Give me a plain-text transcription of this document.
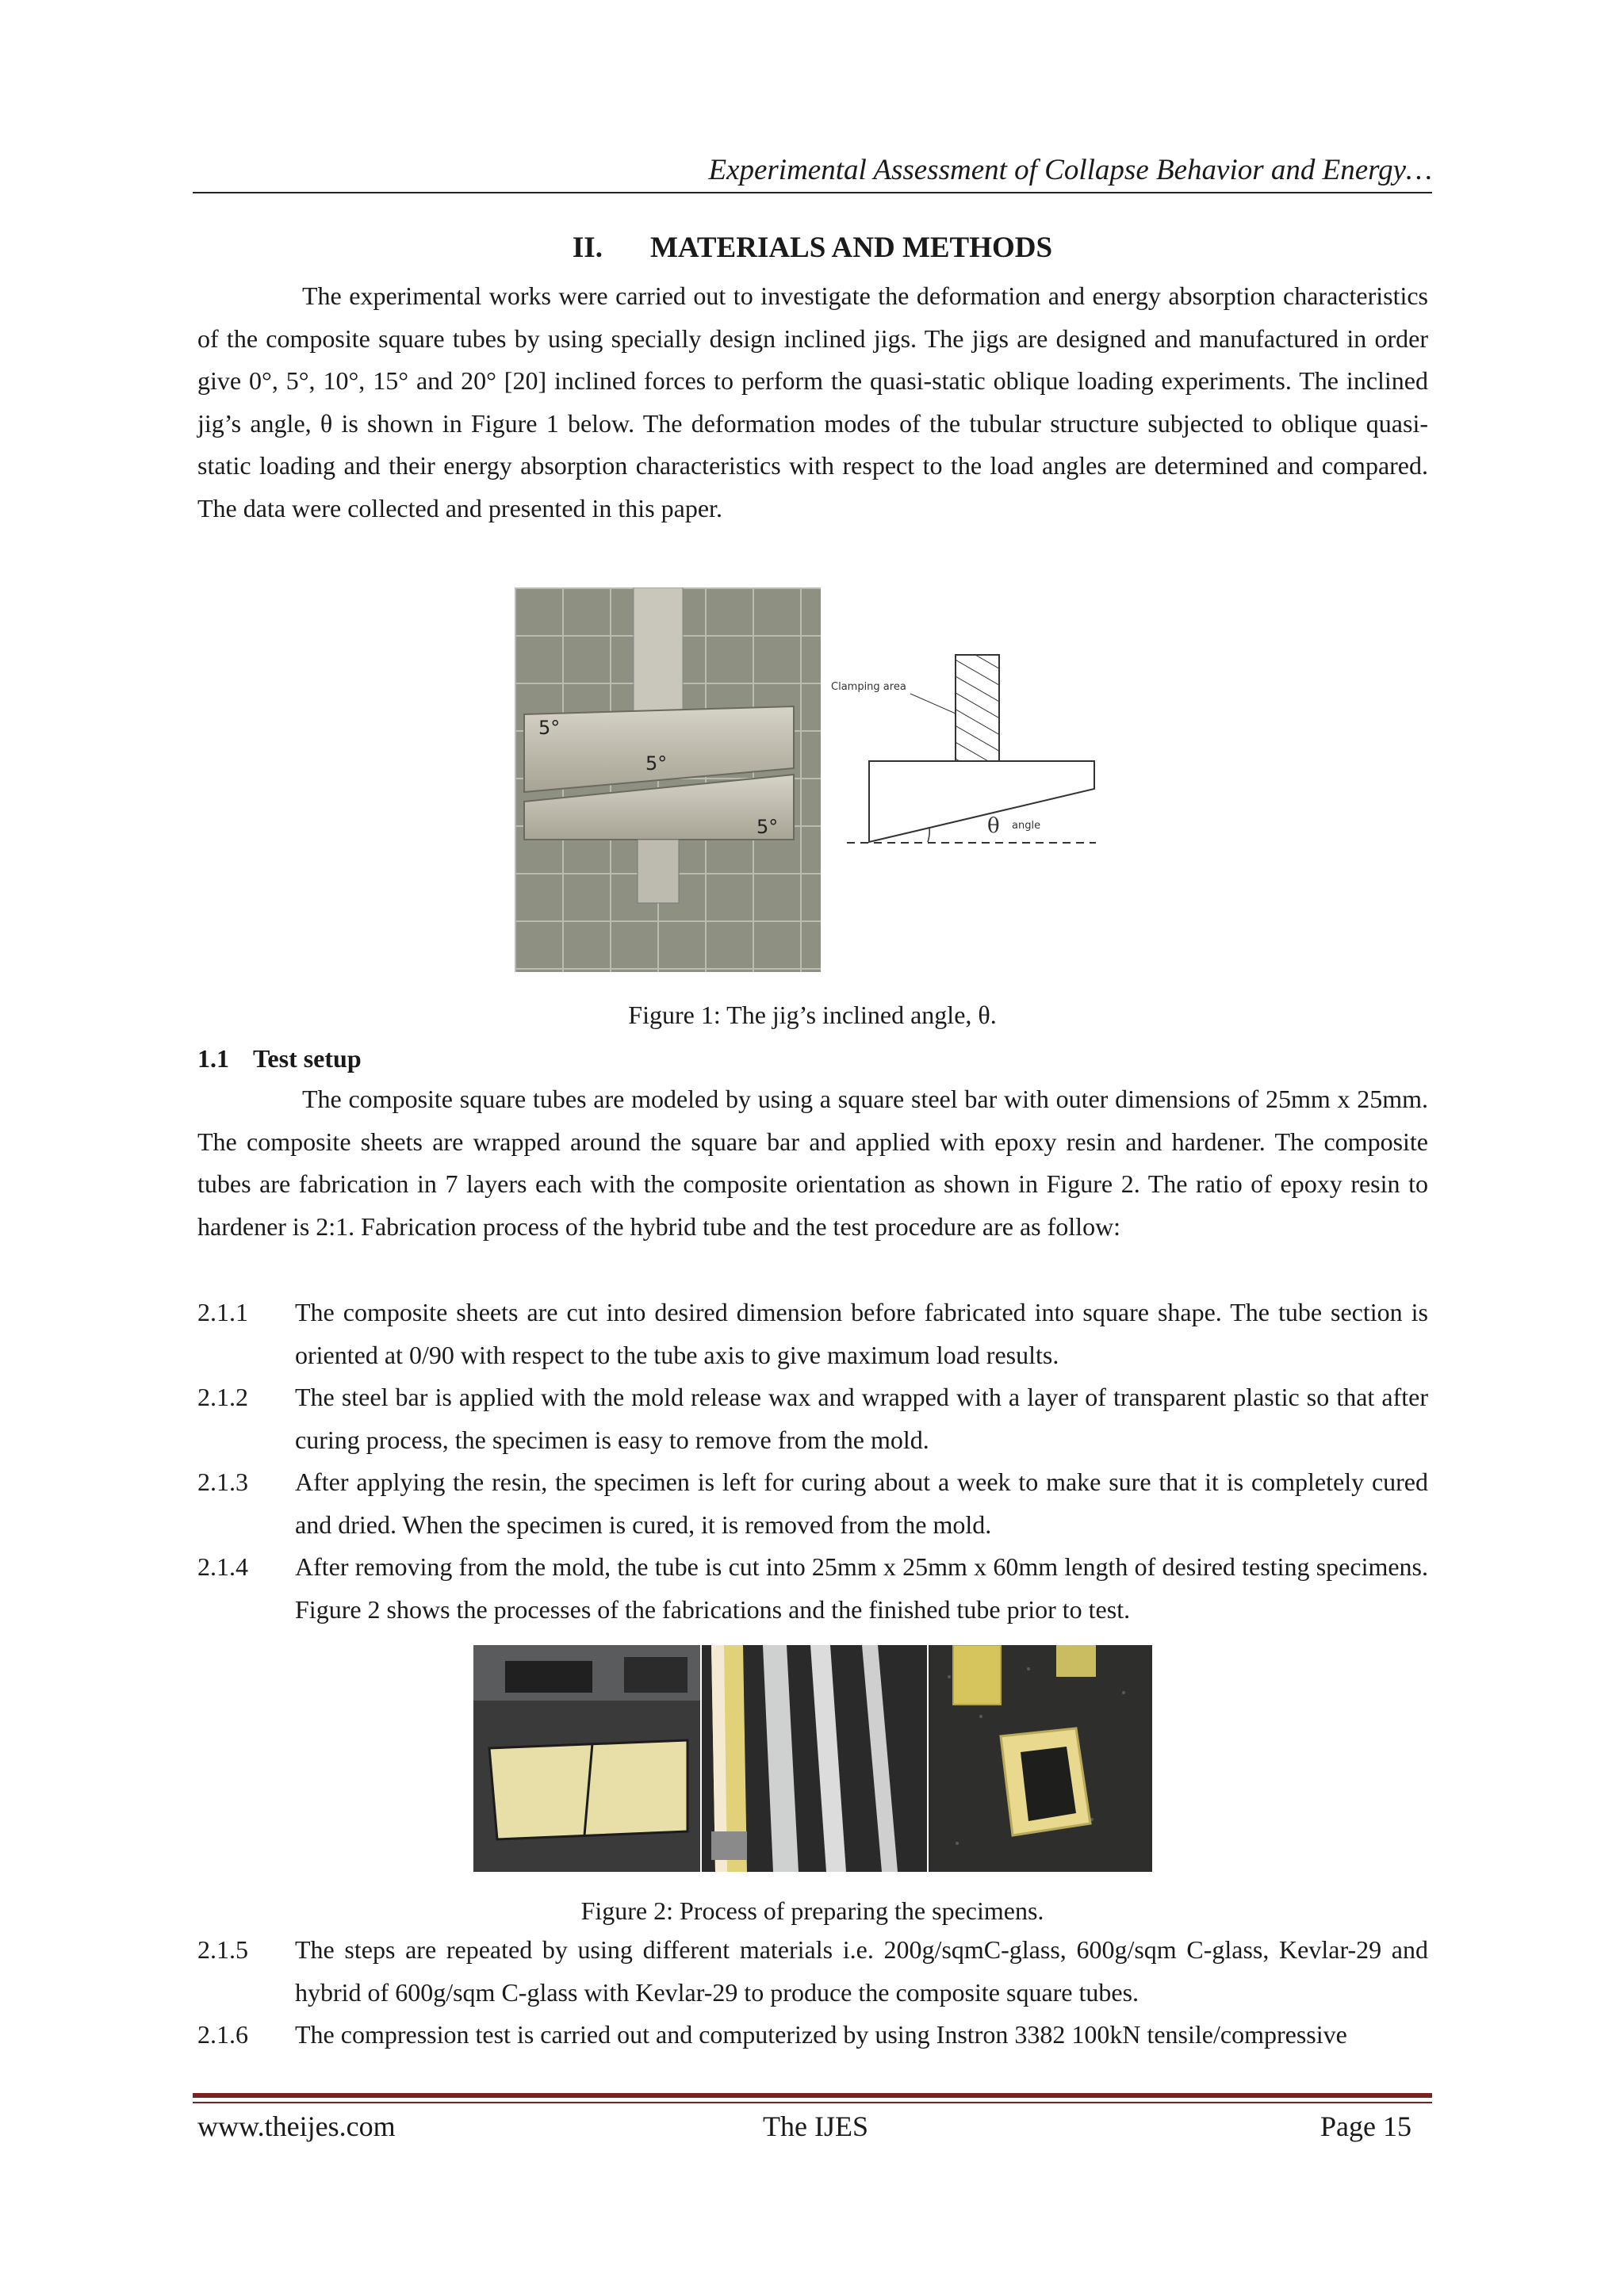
Experimental Assessment of Collapse Behavior and Energy…
II. MATERIALS AND METHODS

The experimental works were carried out to investigate the deformation and energy absorption characteristics of the composite square tubes by using specially design inclined jigs. The jigs are designed and manufactured in order give 0°, 5°, 10°, 15° and 20° [20] inclined forces to perform the quasi-static oblique loading experiments. The inclined jig’s angle, θ is shown in Figure 1 below. The deformation modes of the tubular structure subjected to oblique quasi-static loading and their energy absorption characteristics with respect to the load angles are determined and compared. The data were collected and presented in this paper.

5°
5°
5°
Clamping area
θ angle
Figure 1: The jig’s inclined angle, θ.
1.1 Test setup

The composite square tubes are modeled by using a square steel bar with outer dimensions of 25mm x 25mm. The composite sheets are wrapped around the square bar and applied with epoxy resin and hardener. The composite tubes are fabrication in 7 layers each with the composite orientation as shown in Figure 2. The ratio of epoxy resin to hardener is 2:1. Fabrication process of the hybrid tube and the test procedure are as follow:

2.1.1 The composite sheets are cut into desired dimension before fabricated into square shape. The tube section is oriented at 0/90 with respect to the tube axis to give maximum load results.
2.1.2 The steel bar is applied with the mold release wax and wrapped with a layer of transparent plastic so that after curing process, the specimen is easy to remove from the mold.
2.1.3 After applying the resin, the specimen is left for curing about a week to make sure that it is completely cured and dried. When the specimen is cured, it is removed from the mold.
2.1.4 After removing from the mold, the tube is cut into 25mm x 25mm x 60mm length of desired testing specimens. Figure 2 shows the processes of the fabrications and the finished tube prior to test.
Figure 2: Process of preparing the specimens.
2.1.5 The steps are repeated by using different materials i.e. 200g/sqmC-glass, 600g/sqm C-glass, Kevlar-29 and hybrid of 600g/sqm C-glass with Kevlar-29 to produce the composite square tubes.
2.1.6 The compression test is carried out and computerized by using Instron 3382 100kN tensile/compressive
www.theijes.com	The IJES	Page 15
